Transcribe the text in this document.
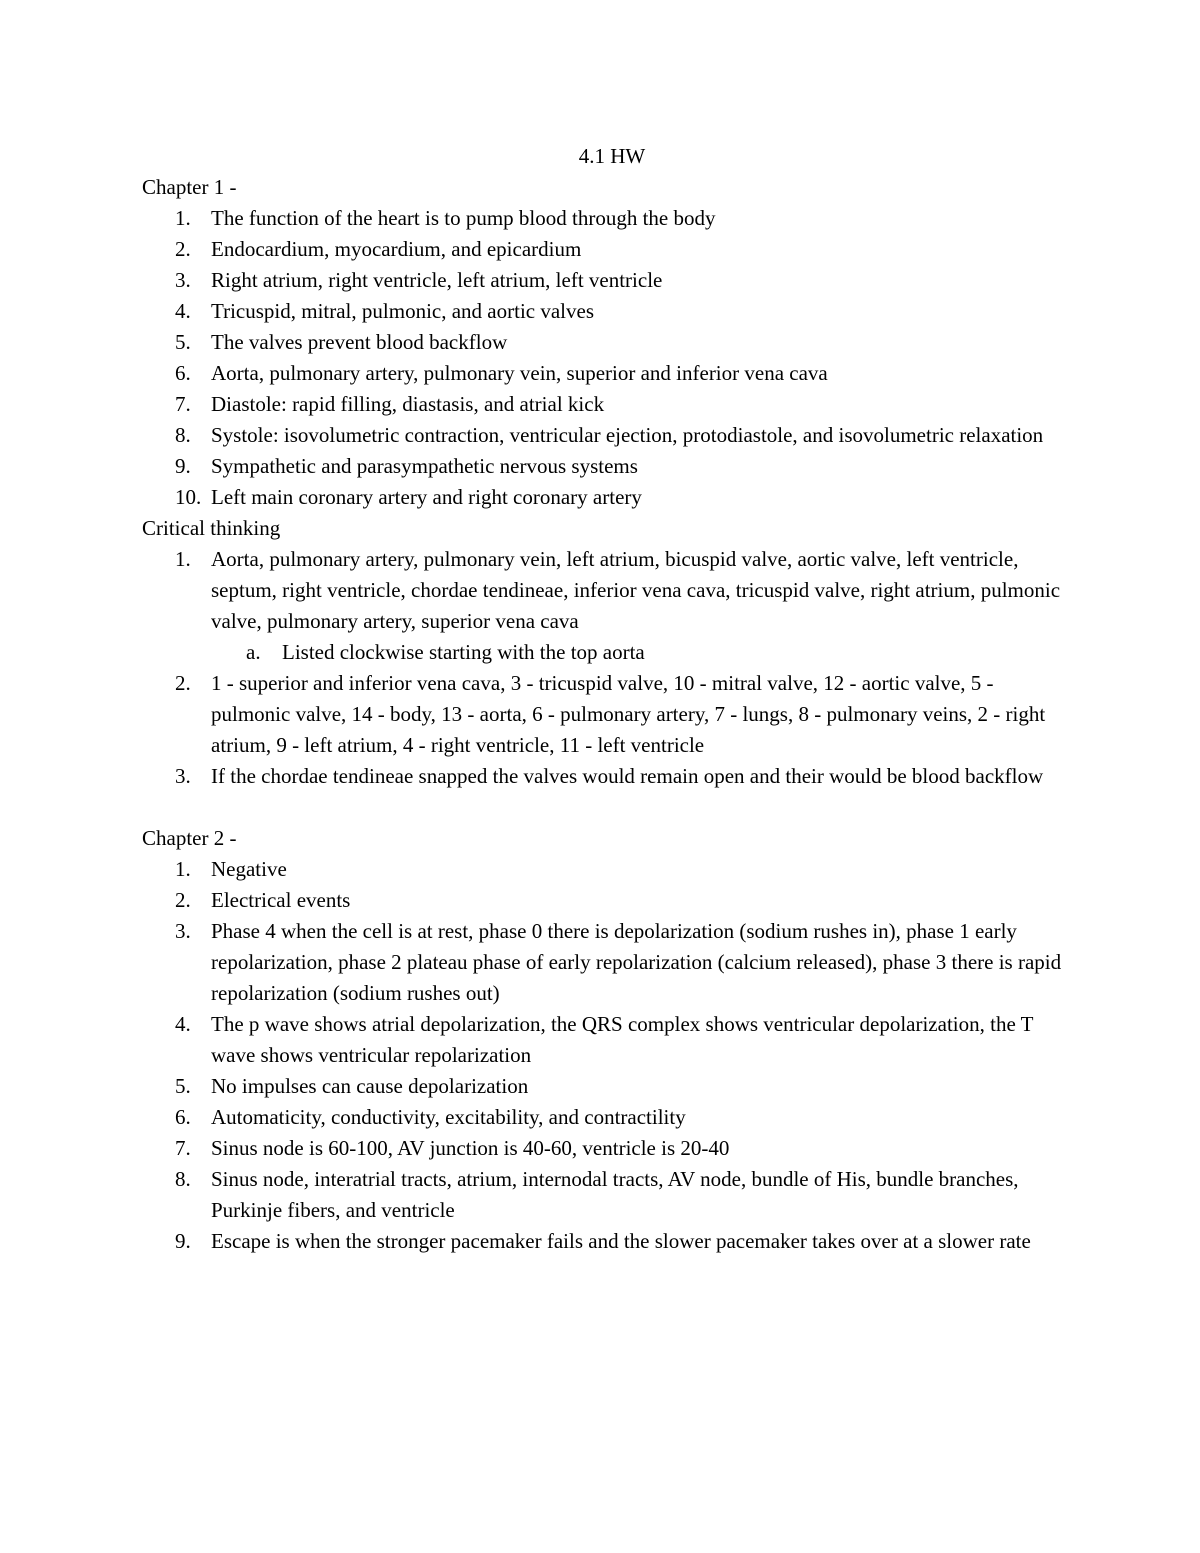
4.1 HW

Chapter 1 -

1. The function of the heart is to pump blood through the body
2. Endocardium, myocardium, and epicardium
3. Right atrium, right ventricle, left atrium, left ventricle
4. Tricuspid, mitral, pulmonic, and aortic valves
5. The valves prevent blood backflow
6. Aorta, pulmonary artery, pulmonary vein, superior and inferior vena cava
7. Diastole: rapid filling, diastasis, and atrial kick
8. Systole: isovolumetric contraction, ventricular ejection, protodiastole, and isovolumetric relaxation
9. Sympathetic and parasympathetic nervous systems
10. Left main coronary artery and right coronary artery

Critical thinking

1. Aorta, pulmonary artery, pulmonary vein, left atrium, bicuspid valve, aortic valve, left ventricle, septum, right ventricle, chordae tendineae, inferior vena cava, tricuspid valve, right atrium, pulmonic valve, pulmonary artery, superior vena cava
a.	Listed clockwise starting with the top aorta
2. 1 - superior and inferior vena cava, 3 - tricuspid valve, 10 - mitral valve, 12 - aortic valve, 5 - pulmonic valve, 14 - body, 13 - aorta, 6 - pulmonary artery, 7 - lungs, 8 - pulmonary veins, 2 - right atrium, 9 - left atrium, 4 - right ventricle, 11 - left ventricle
3. If the chordae tendineae snapped the valves would remain open and their would be blood backflow

Chapter 2 -

1. Negative
2. Electrical events
3. Phase 4 when the cell is at rest, phase 0 there is depolarization (sodium rushes in), phase 1 early repolarization, phase 2 plateau phase of early repolarization (calcium released), phase 3 there is rapid repolarization (sodium rushes out)
4. The p wave shows atrial depolarization, the QRS complex shows ventricular depolarization, the T wave shows ventricular repolarization
5. No impulses can cause depolarization
6. Automaticity, conductivity, excitability, and contractility
7. Sinus node is 60-100, AV junction is 40-60, ventricle is 20-40
8. Sinus node, interatrial tracts, atrium, internodal tracts, AV node, bundle of His, bundle branches, Purkinje fibers, and ventricle
9. Escape is when the stronger pacemaker fails and the slower pacemaker takes over at a slower rate
